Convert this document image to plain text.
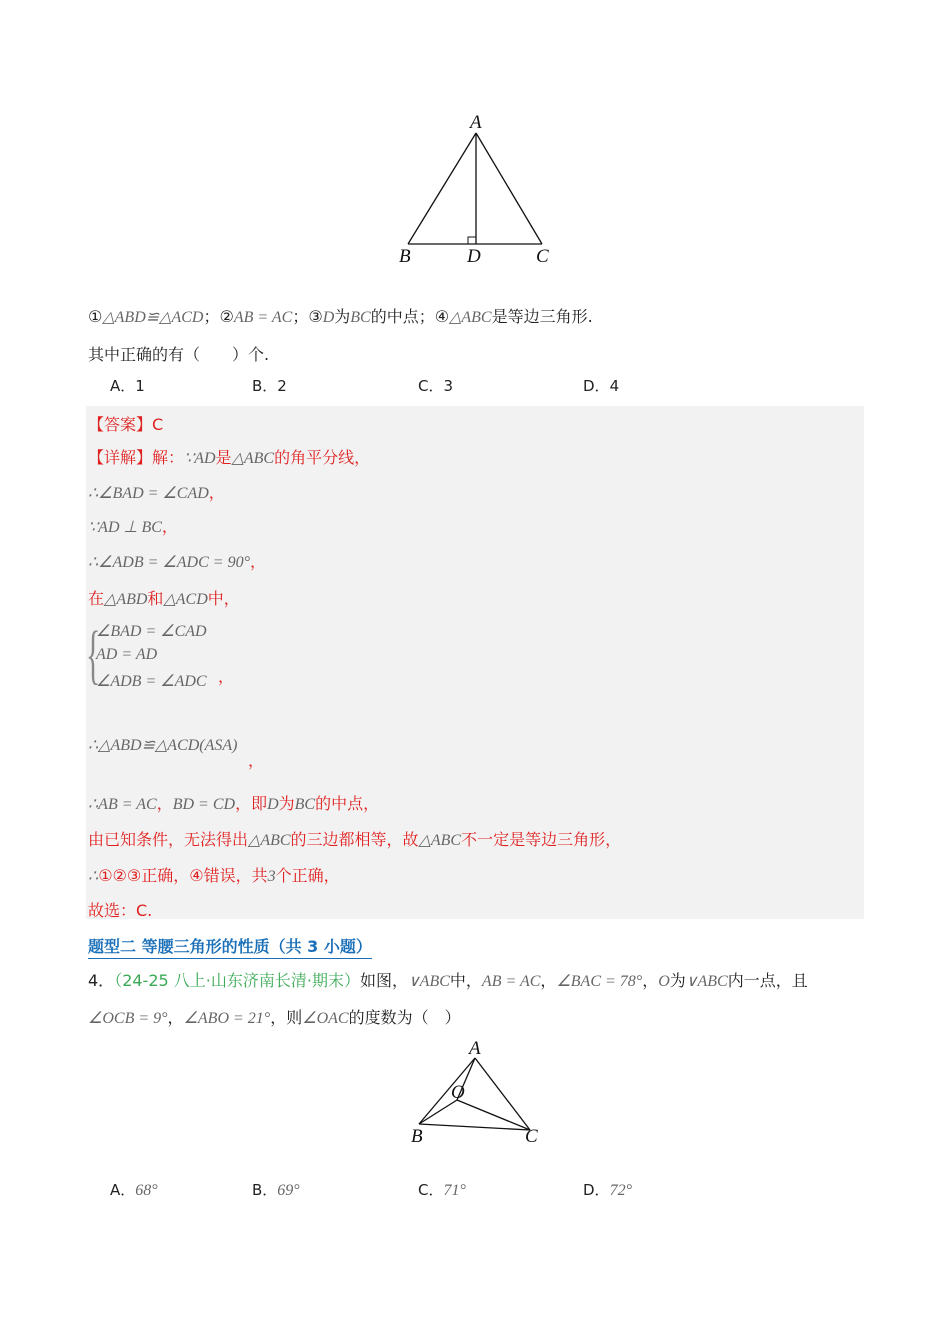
A
B	D	C
①△ABD≌△ACD；②AB = AC；③D为BC的中点；④△ABC是等边三角形.
其中正确的有（　　）个.
A．1	B．2	C．3	D．4
【答案】C
【详解】解：∵AD是△ABC的角平分线，
∴∠BAD = ∠CAD，
∵AD ⊥ BC，
∴∠ADB = ∠ADC = 90°，
在△ABD和△ACD中，
{
∠BAD = ∠CAD
AD = AD
∠ADB = ∠ADC ，
∴△ABD≌△ACD(ASA)
，
∴AB = AC，BD = CD，即D为BC的中点，
由已知条件，无法得出△ABC的三边都相等，故△ABC不一定是等边三角形，
∴①②③正确，④错误，共3个正确，
故选：C.
题型二 等腰三角形的性质（共 3 小题）
4．（24-25 八上·山东济南长清·期末）如图，∨ABC中，AB = AC，∠BAC = 78°，O为∨ABC内一点，且
∠OCB = 9°，∠ABO = 21°，则∠OAC的度数为（　）
A
O
B	C
A．68°	B．69°	C．71°	D．72°
